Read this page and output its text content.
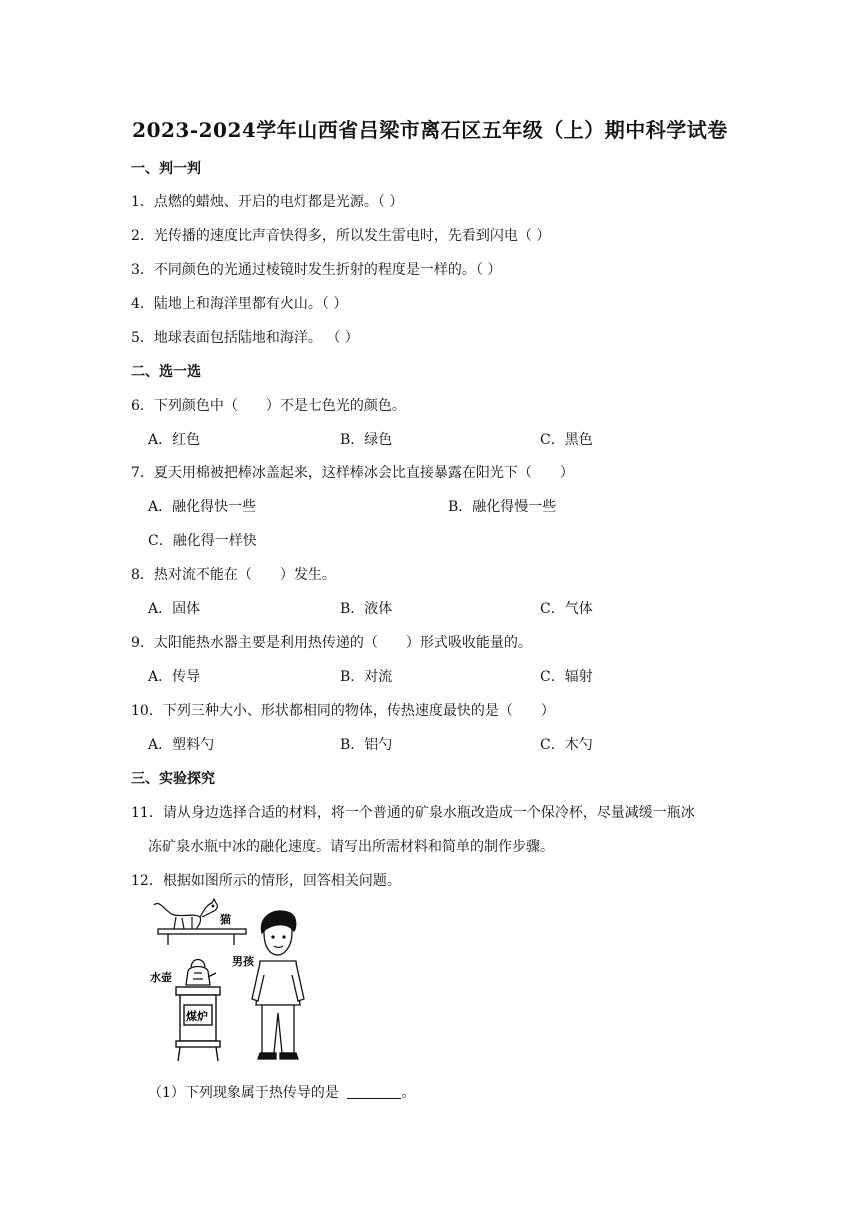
2023-2024学年山西省吕梁市离石区五年级（上）期中科学试卷
一、判一判
1．点燃的蜡烛、开启的电灯都是光源。（ ）
2．光传播的速度比声音快得多，所以发生雷电时，先看到闪电（ ）
3．不同颜色的光通过棱镜时发生折射的程度是一样的。（ ）
4．陆地上和海洋里都有火山。（ ）
5．地球表面包括陆地和海洋。 （ ）
二、选一选
6．下列颜色中（　　）不是七色光的颜色。
A．红色	B．绿色	C．黑色
7．夏天用棉被把棒冰盖起来，这样棒冰会比直接暴露在阳光下（　　）
A．融化得快一些	B．融化得慢一些
C．融化得一样快
8．热对流不能在（　　）发生。
A．固体	B．液体	C．气体
9．太阳能热水器主要是利用热传递的（　　）形式吸收能量的。
A．传导	B．对流	C．辐射
10．下列三种大小、形状都相同的物体，传热速度最快的是（　　）
A．塑料勺	B．铝勺	C．木勺
三、实验探究
11．请从身边选择合适的材料，将一个普通的矿泉水瓶改造成一个保冷杯，尽量减缓一瓶冰
冻矿泉水瓶中冰的融化速度。请写出所需材料和简单的制作步骤。
12．根据如图所示的情形，回答相关问题。
猫
水壶
煤炉
男孩
（1）下列现象属于热传导的是	。
